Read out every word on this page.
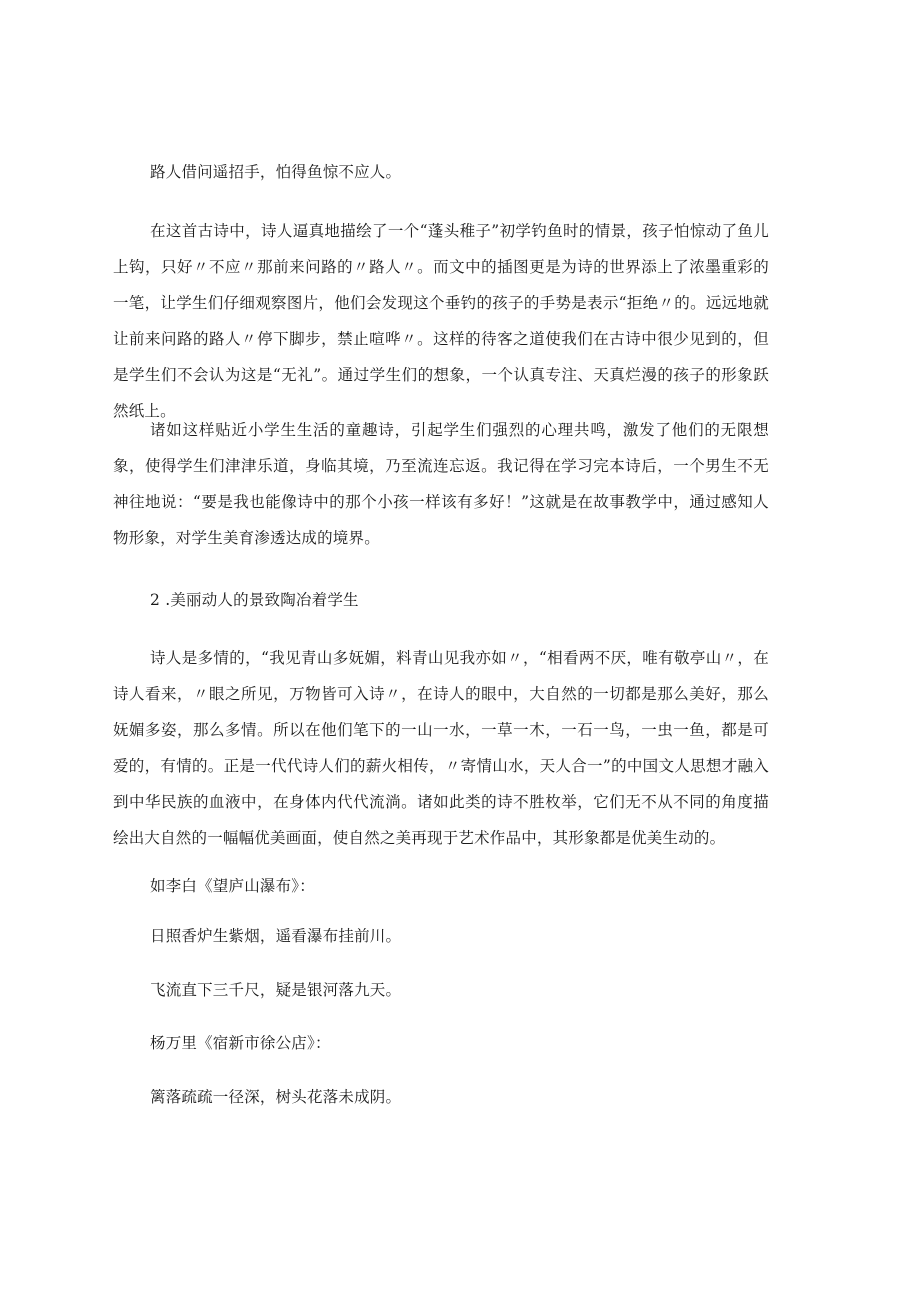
路人借问遥招手，怕得鱼惊不应人。

在这首古诗中，诗人逼真地描绘了一个“蓬头稚子”初学钓鱼时的情景，孩子怕惊动了鱼儿上钩，只好〃不应〃那前来问路的〃路人〃。而文中的插图更是为诗的世界添上了浓墨重彩的一笔，让学生们仔细观察图片，他们会发现这个垂钓的孩子的手势是表示“拒绝〃的。远远地就让前来问路的路人〃停下脚步，禁止喧哗〃。这样的待客之道使我们在古诗中很少见到的，但是学生们不会认为这是“无礼”。通过学生们的想象，一个认真专注、天真烂漫的孩子的形象跃然纸上。

诸如这样贴近小学生生活的童趣诗，引起学生们强烈的心理共鸣，激发了他们的无限想象，使得学生们津津乐道，身临其境，乃至流连忘返。我记得在学习完本诗后，一个男生不无神往地说：“要是我也能像诗中的那个小孩一样该有多好！”这就是在故事教学中，通过感知人物形象，对学生美育渗透达成的境界。

2 .美丽动人的景致陶冶着学生

诗人是多情的，“我见青山多妩媚，料青山见我亦如〃，“相看两不厌，唯有敬亭山〃，在诗人看来，〃眼之所见，万物皆可入诗〃，在诗人的眼中，大自然的一切都是那么美好，那么妩媚多姿，那么多情。所以在他们笔下的一山一水，一草一木，一石一鸟，一虫一鱼，都是可爱的，有情的。正是一代代诗人们的薪火相传，〃寄情山水，天人合一”的中国文人思想才融入到中华民族的血液中，在身体内代代流淌。诸如此类的诗不胜枚举，它们无不从不同的角度描绘出大自然的一幅幅优美画面，使自然之美再现于艺术作品中，其形象都是优美生动的。

如李白《望庐山瀑布》：

日照香炉生紫烟，遥看瀑布挂前川。

飞流直下三千尺，疑是银河落九天。

杨万里《宿新市徐公店》：

篱落疏疏一径深，树头花落未成阴。
